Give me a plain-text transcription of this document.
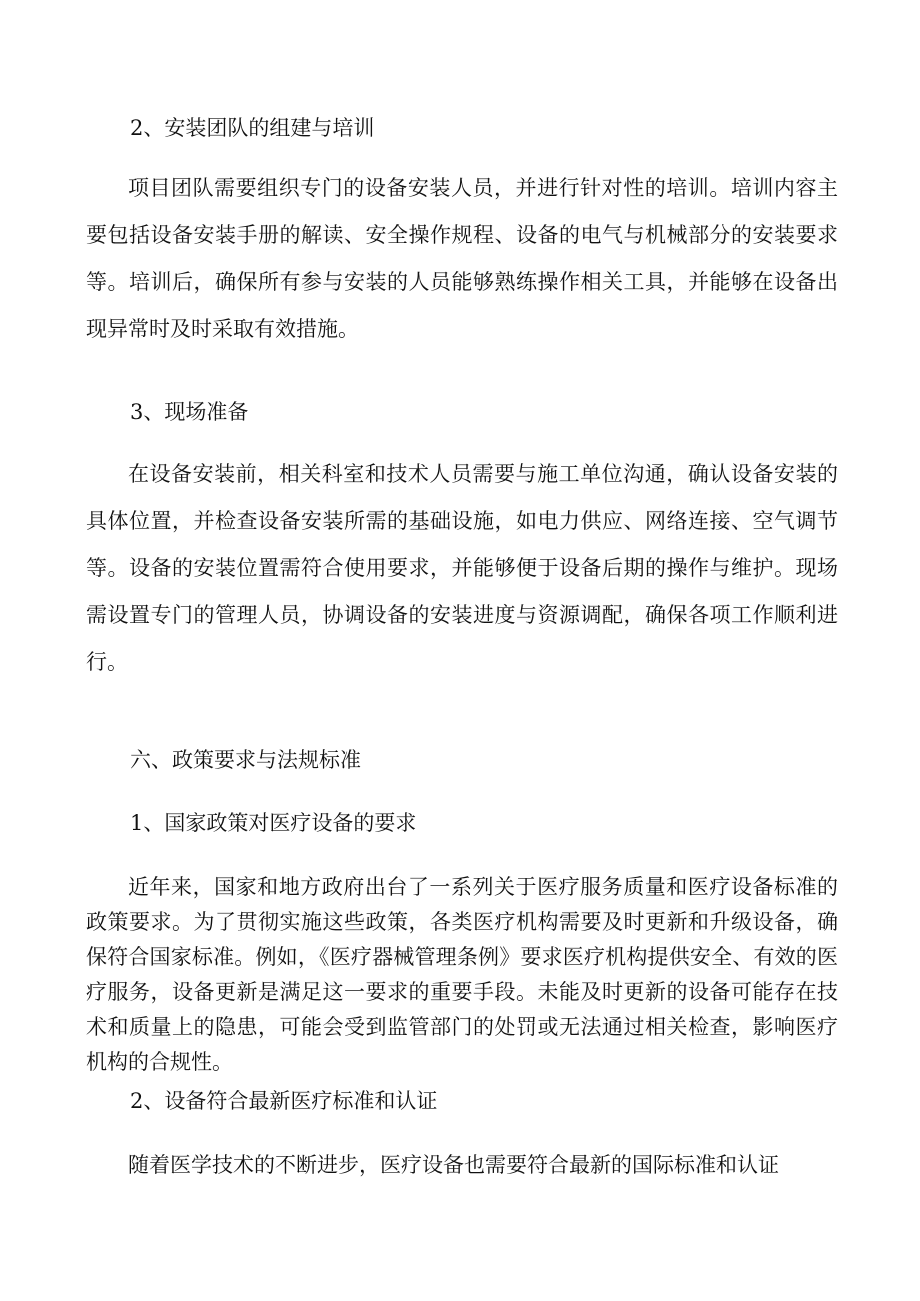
2、安装团队的组建与培训
项目团队需要组织专门的设备安装人员，并进行针对性的培训。培训内容主要包括设备安装手册的解读、安全操作规程、设备的电气与机械部分的安装要求等。培训后，确保所有参与安装的人员能够熟练操作相关工具，并能够在设备出现异常时及时采取有效措施。
3、现场准备
在设备安装前，相关科室和技术人员需要与施工单位沟通，确认设备安装的具体位置，并检查设备安装所需的基础设施，如电力供应、网络连接、空气调节等。设备的安装位置需符合使用要求，并能够便于设备后期的操作与维护。现场需设置专门的管理人员，协调设备的安装进度与资源调配，确保各项工作顺利进行。
六、政策要求与法规标准
1、国家政策对医疗设备的要求
近年来，国家和地方政府出台了一系列关于医疗服务质量和医疗设备标准的政策要求。为了贯彻实施这些政策，各类医疗机构需要及时更新和升级设备，确保符合国家标准。例如，《医疗器械管理条例》要求医疗机构提供安全、有效的医疗服务，设备更新是满足这一要求的重要手段。未能及时更新的设备可能存在技术和质量上的隐患，可能会受到监管部门的处罚或无法通过相关检查，影响医疗机构的合规性。
2、设备符合最新医疗标准和认证
随着医学技术的不断进步，医疗设备也需要符合最新的国际标准和认证
